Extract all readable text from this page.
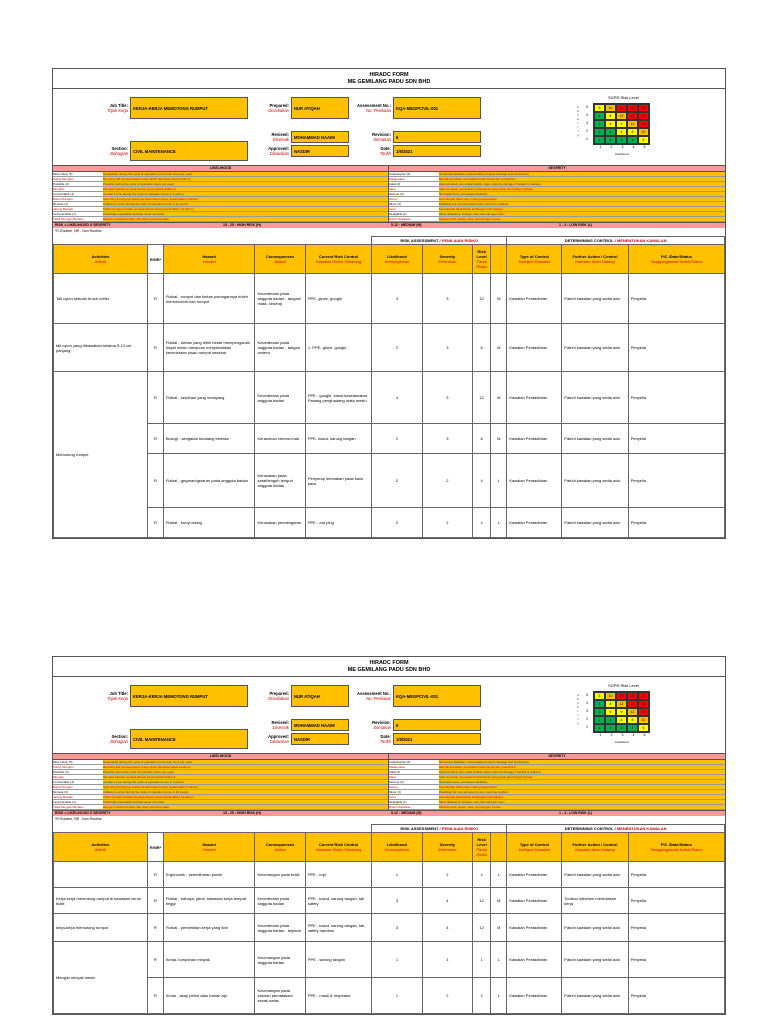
HIRADC FORM
ME GEMILANG PADU SDN BHD
Job Title:
Tajuk Kerja	KERJA-KERJA MEMOTONG RUMPUT
Section:
Bahagian	CIVIL MAINTENANCE
Prepared:
Disediakan	NUR ATIQAH
Revised:
Disemak	MOHAMMAD NAAIM
Approved:
Diluluskan	NASDIR
Assessment No.:
No. Penilaian	KQA-MEGPCIVIL-001
Revision:
Semakan	6
Date:
Tarikh	1/9/2021
SGPR Risk Level
s
e
v
e
r
i
t
y
5
4
3
2
1
5	10	15	20	25
4	8	12	16	20
3	6	9	12	15
2	4	6	8	10
1	2	3	4	5
1	2	3	4	5
Likelihood
LIKELIHOOD
Most Likely (5)	Repeatedly during the cycle of operation (more than once per year)
Paling Mungkin	Berulang kali semasa kitaran kerja (lebih daripada sekali setahun)
Possible (4)	Possible during the cycle of operation (once per year)
Mungkin	Mungkin berlaku semasa kitaran kerja (sekali setahun)
Conceivable (3)	At least 1 time during the cycle of operation (once in 3 years)
Boleh Mungkin	Sekurang-kurangnya sekali semasa kitaran kerja (sekali dalam 3 tahun)
Remote (2)	Unlikely to occur during the cycle of operation (once in 10 years)
Jarang Berlaku	Tidak mungkin berlaku semasa kitaran kerja (sekali dalam 10 tahun)
Inconceivable (1)	Practically impossible and has never occurred
Tidak Mungkin Berlaku	Hampir mustahil berlaku dan tidak pernah berlaku
SEVERITY
Catastrophic (5)	Numerous fatalities, irrecoverable property damage and productivity
Malapetaka	Banyak kematian, kerosakan harta benda dan produktiviti
Fatal (4)	Approximately one single fatality major property damage if hazard is realized
Maut	Satu kematian, kerosakan harta benda yang besar jika bahaya berlaku
Serious (3)	Non-fatal injury, permanent disability
Serius	Kecederaan tidak maut, hilang upaya kekal
Minor (2)	Disabling but not permanent injury, lost time incident
Kecil	Kecederaan tidak kekal, kehilangan hari bekerja
Negligible (1)	Minor abrasions, bruises, cuts, first aid type injury
Boleh Diabaikan	Melecet kecil, lebam, luka, pertolongan cemas
RISK = LIKELIHOOD X SEVERITY	15 - 25 : HIGH RISK (H)	5-12 : MEDIUM (M)	1 - 4 : LOW RISK (L)
*R-Routine, NR - Non Routine
					RISK ASSESSMENT / PENILAIAN RISIKO				DETERMINING CONTROL / MENENTUKAN KAWALAN		
Activities
Aktiviti	R/NR*	Hazard
Hazard	Consequences
Akibat	Current Risk Control
Kawalan Risiko Sekarang	Likelihood
Kemungkinan	Severity
Keterukan	Risk Level
Paras Risiko		Type of Control
Kategori Kawalan	Further Action / Control
Kawalan Akan Datang	PIC /Date/Status
Tanggungjawab/Tarikh/Status

Tali nylon sebuah brush cutter	R	Fizikal - rumput dan bekas potongannya boleh menceroboh kan rumput	Kecederaan pada anggota badan - tangan/ mata- cedera)	PPE- glove, google	4	3	12	M	Kawalan Pentadbiran	Patuhi kawalan yang sedia ada	Penyelia
tali nylon yang dibawakan selama 5-10 cm panjang	R	Fizikal - beban yang lebih besar mempengaruhi hayat mesin menjurus menyebabkan kecederaan pisau rumput sesekat	Kecederaan pada anggota badan - tangan cedera	1. PPE- glove, google	2	3	6	M	Kawalan Pentadbiran	Patuhi kawalan yang sedia ada	Penyelia
Memotong rumput	R	Fizikal - serpihan yang melayang	Kecederaan pada anggota badan	PPE - google, kasut keselamatan. Pasang penghadang mata mesin.	4	3	12	M	Kawalan Pentadbiran	Patuhi kawalan yang sedia ada	Penyelia
	R	Biologi - sengatan binatang berbisa	Keracunan venom-mati	PPE- kasut, sarung tangan	2	3	6	M	Kawalan Pentadbiran	Patuhi kawalan yang sedia ada	Penyelia
	R	Fizikal - gegaran/getaran pada anggota badan	Kerosakan pada saraf/lenguh-lenguh anggota badan	Penyerap lembaban pada back pack	2	2	4	L	Kawalan Pentadbiran	Patuhi kawalan yang sedia ada	Penyelia
	R	Fizikal - bunyi bising	Kerosakan pendengaran.	PPE - ear plug	2	2	2	L	Kawalan Pentadbiran	Patuhi kawalan yang sedia ada	Penyelia
HIRADC FORM
ME GEMILANG PADU SDN BHD
Job Title:
Tajuk Kerja	KERJA-KERJA MEMOTONG RUMPUT
Section:
Bahagian	CIVIL MAINTENANCE
Prepared:
Disediakan	NUR ATIQAH
Revised:
Disemak	MOHAMMAD NAAIM
Approved:
Diluluskan	NASDIR
Assessment No.:
No. Penilaian	KQA-MEGPCIVIL-001
Revision:
Semakan	6
Date:
Tarikh	1/9/2021
SGPR Risk Level
s
e
v
e
r
i
t
y
5
4
3
2
1
5	10	15	20	25
4	8	12	16	20
3	6	9	12	15
2	4	6	8	10
1	2	3	4	5
1	2	3	4	5
Likelihood
LIKELIHOOD
Most Likely (5)	Repeatedly during the cycle of operation (more than once per year)
Paling Mungkin	Berulang kali semasa kitaran kerja (lebih daripada sekali setahun)
Possible (4)	Possible during the cycle of operation (once per year)
Mungkin	Mungkin berlaku semasa kitaran kerja (sekali setahun)
Conceivable (3)	At least 1 time during the cycle of operation (once in 3 years)
Boleh Mungkin	Sekurang-kurangnya sekali semasa kitaran kerja (sekali dalam 3 tahun)
Remote (2)	Unlikely to occur during the cycle of operation (once in 10 years)
Jarang Berlaku	Tidak mungkin berlaku semasa kitaran kerja (sekali dalam 10 tahun)
Inconceivable (1)	Practically impossible and has never occurred
Tidak Mungkin Berlaku	Hampir mustahil berlaku dan tidak pernah berlaku
SEVERITY
Catastrophic (5)	Numerous fatalities, irrecoverable property damage and productivity
Malapetaka	Banyak kematian, kerosakan harta benda dan produktiviti
Fatal (4)	Approximately one single fatality major property damage if hazard is realized
Maut	Satu kematian, kerosakan harta benda yang besar jika bahaya berlaku
Serious (3)	Non-fatal injury, permanent disability
Serius	Kecederaan tidak maut, hilang upaya kekal
Minor (2)	Disabling but not permanent injury, lost time incident
Kecil	Kecederaan tidak kekal, kehilangan hari bekerja
Negligible (1)	Minor abrasions, bruises, cuts, first aid type injury
Boleh Diabaikan	Melecet kecil, lebam, luka, pertolongan cemas
RISK = LIKELIHOOD X SEVERITY	15 - 25 : HIGH RISK (H)	5-12 : MEDIUM (M)	1 - 4 : LOW RISK (L)
*R-Routine, NR - Non Routine
					RISK ASSESSMENT / PENILAIAN RISIKO				DETERMINING CONTROL / MENENTUKAN KAWALAN		
Activities
Aktiviti	R/NR*	Hazard
Hazard	Consequences
Akibat	Current Risk Control
Kawalan Risiko Sekarang	Likelihood
Kemungkinan	Severity
Keterukan	Risk Level
Paras Risiko		Type of Control
Kategori Kawalan	Further Action / Control
Kawalan Akan Datang	PIC /Date/Status
Tanggungjawab/Tarikh/Status

	R	Ergonomik - pemeliharan posisi	Kecenangan pada bukit	PPE - topi	1	2	2	L	Kawalan Pentadbiran	Patuhi kawalan yang sedia ada	Penyelia
Kerja-kerja memotong rumput di kawasan cerun bukit	R	Fizikal - bahaya, jatuh, kawasan kerja tempat tinggi	Kecederaan pada anggota badan	PPE - kasut, sarung tangan, tali safety	3	4	12	M	Kawalan Pentadbiran	Toolbox sebelum memulakan kerja	Penyelia
kerja-kerja memotong rumput	R	Fizikal - penterkitan kerja yang licin	Kecederaan pada anggota badan - terjatuh	PPE - kasut, sarung tangan, tali, safety harness	3	4	12	M	Kawalan Pentadbiran	Patuhi kawalan yang sedia ada	Penyelia
Mengisi minyak mesin	R	Kimia- tumpahan minyak	Kecenangan pada anggota badan	PPE - sarung tangan	1	1	1	L	Kawalan Pentadbiran	Patuhi kawalan yang sedia ada	Penyelia
	R	Kimia - asap petrol atau bahan api	Kecenangan pada saluran pernafasan/ sesak nafas	PPE - mask & respirator	1	2	2	L	Kawalan Pentadbiran	Patuhi kawalan yang sedia ada	Penyelia
